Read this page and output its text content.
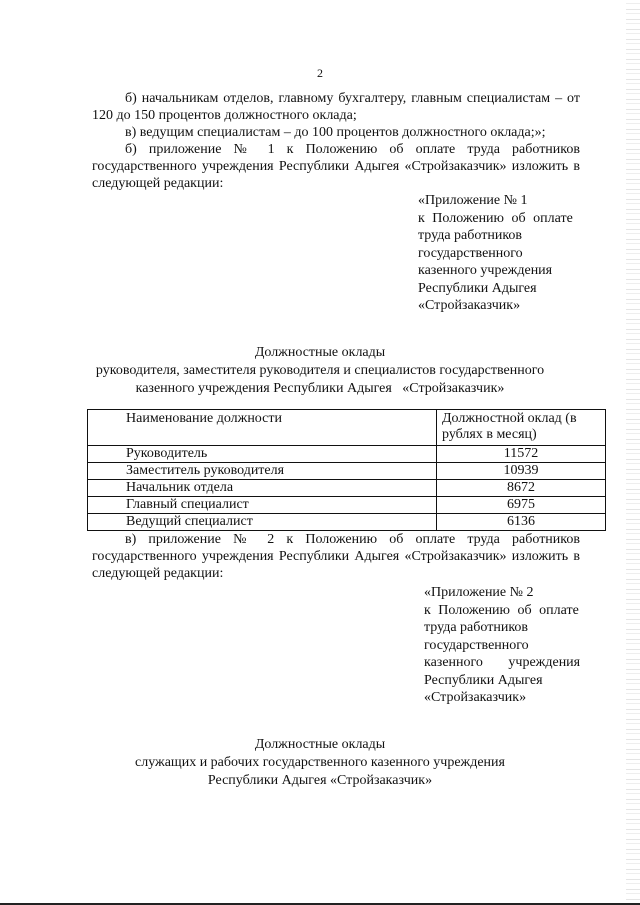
2
б) начальникам отделов, главному бухгалтеру, главным специалистам – от 120 до 150 процентов должностного оклада;
в) ведущим специалистам – до 100 процентов должностного оклада;»;
б) приложение № 1 к Положению об оплате труда работников государственного учреждения Республики Адыгея «Стройзаказчик» изложить в следующей редакции:
«Приложение № 1
к Положению об оплате
труда работников
государственного
казенного учреждения
Республики Адыгея
«Стройзаказчик»
Должностные оклады
руководителя, заместителя руководителя и специалистов государственного
казенного учреждения Республики Адыгея   «Стройзаказчик»
Наименование должности	Должностной оклад (в рублях в месяц)
Руководитель	11572
Заместитель руководителя	10939
Начальник отдела	8672
Главный специалист	6975
Ведущий специалист	6136
в) приложение № 2 к Положению об оплате труда работников государственного учреждения Республики Адыгея «Стройзаказчик» изложить в следующей редакции:
«Приложение № 2
к Положению об оплате
труда работников
государственного
казенного учреждения
Республики Адыгея
«Стройзаказчик»
Должностные оклады
служащих и рабочих государственного казенного учреждения
Республики Адыгея «Стройзаказчик»
